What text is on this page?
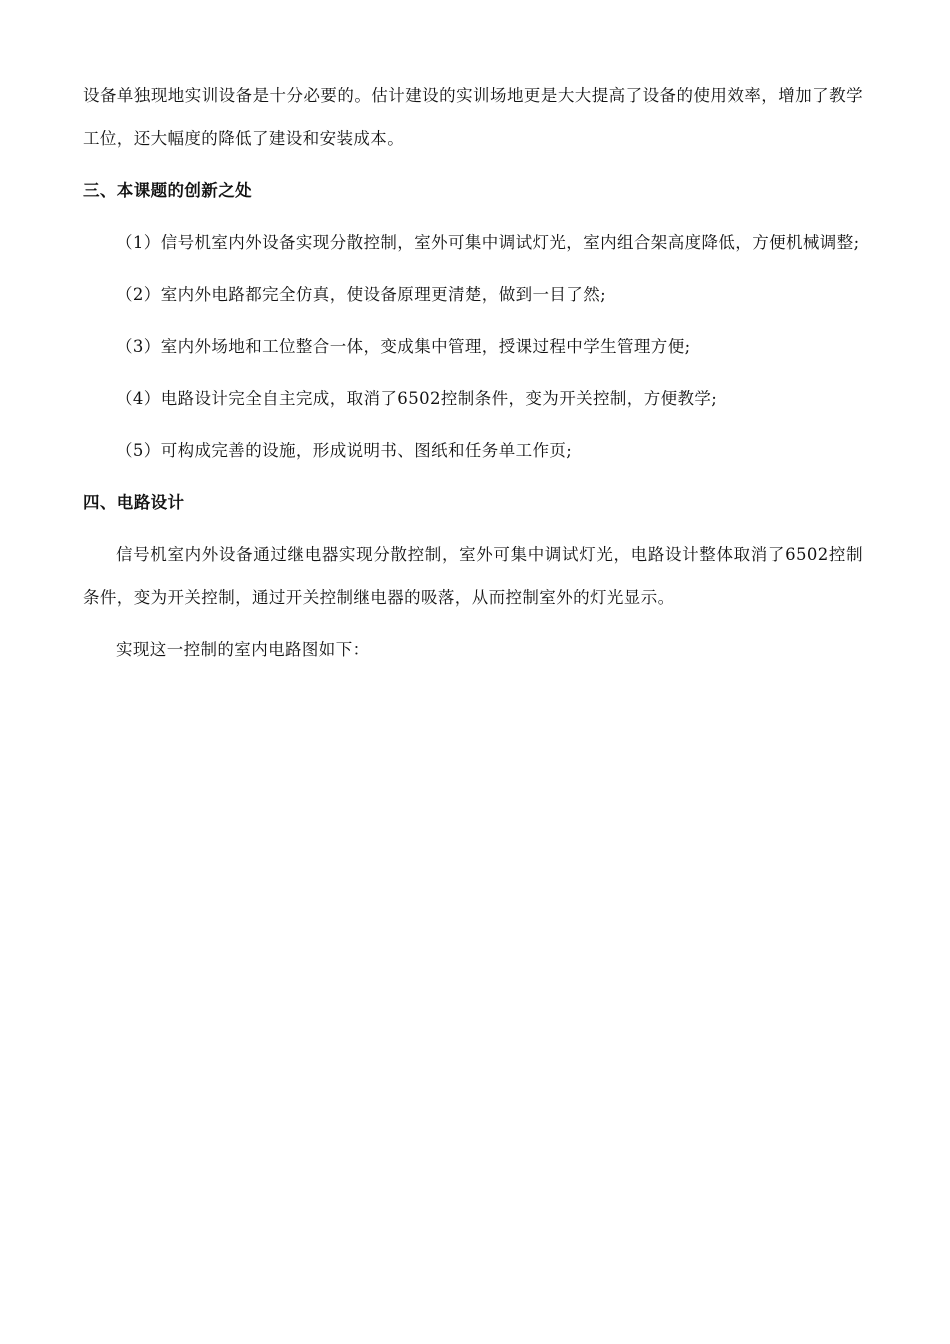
设备单独现地实训设备是十分必要的。估计建设的实训场地更是大大提高了设备的使用效率，增加了教学工位，还大幅度的降低了建设和安装成本。

三、本课题的创新之处

（1）信号机室内外设备实现分散控制，室外可集中调试灯光，室内组合架高度降低，方便机械调整;

（2）室内外电路都完全仿真，使设备原理更清楚，做到一目了然;

（3）室内外场地和工位整合一体，变成集中管理，授课过程中学生管理方便;

（4）电路设计完全自主完成，取消了6502控制条件，变为开关控制，方便教学;

（5）可构成完善的设施，形成说明书、图纸和任务单工作页;

四、电路设计

信号机室内外设备通过继电器实现分散控制，室外可集中调试灯光，电路设计整体取消了6502控制条件，变为开关控制，通过开关控制继电器的吸落，从而控制室外的灯光显示。

实现这一控制的室内电路图如下：
